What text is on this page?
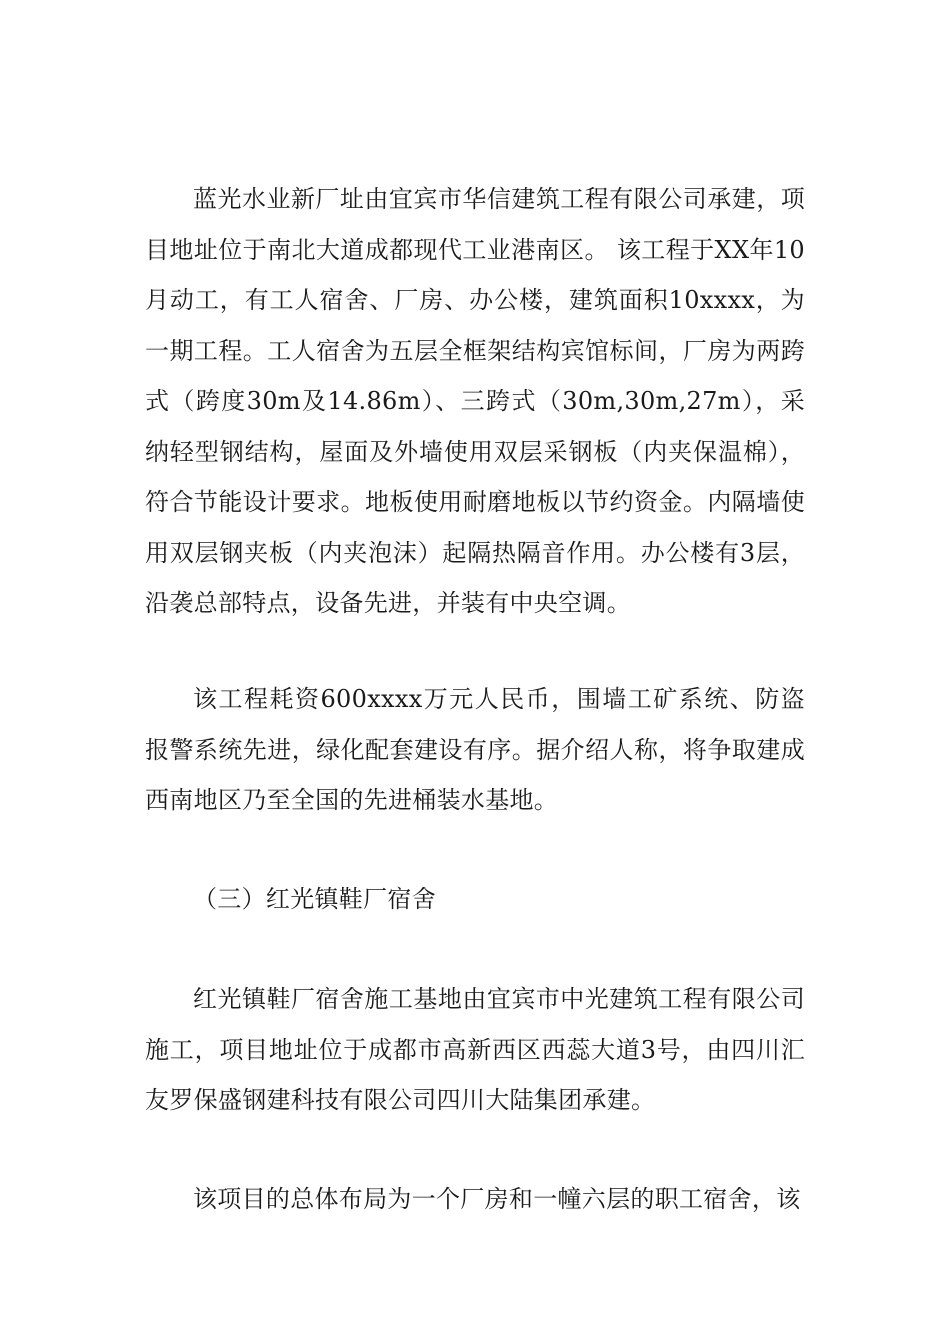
蓝光水业新厂址由宜宾市华信建筑工程有限公司承建，项目地址位于南北大道成都现代工业港南区。 该工程于XX年10月动工，有工人宿舍、厂房、办公楼，建筑面积10xxxx，为一期工程。工人宿舍为五层全框架结构宾馆标间，厂房为两跨式（跨度30m及14.86m）、三跨式（30m,30m,27m），采纳轻型钢结构，屋面及外墙使用双层采钢板（内夹保温棉），符合节能设计要求。地板使用耐磨地板以节约资金。内隔墙使用双层钢夹板（内夹泡沫）起隔热隔音作用。办公楼有3层，沿袭总部特点，设备先进，并装有中央空调。

该工程耗资600xxxx万元人民币，围墙工矿系统、防盗报警系统先进，绿化配套建设有序。据介绍人称，将争取建成西南地区乃至全国的先进桶装水基地。

（三）红光镇鞋厂宿舍

红光镇鞋厂宿舍施工基地由宜宾市中光建筑工程有限公司施工，项目地址位于成都市高新西区西蕊大道3号，由四川汇友罗保盛钢建科技有限公司四川大陆集团承建。

该项目的总体布局为一个厂房和一幢六层的职工宿舍，该
